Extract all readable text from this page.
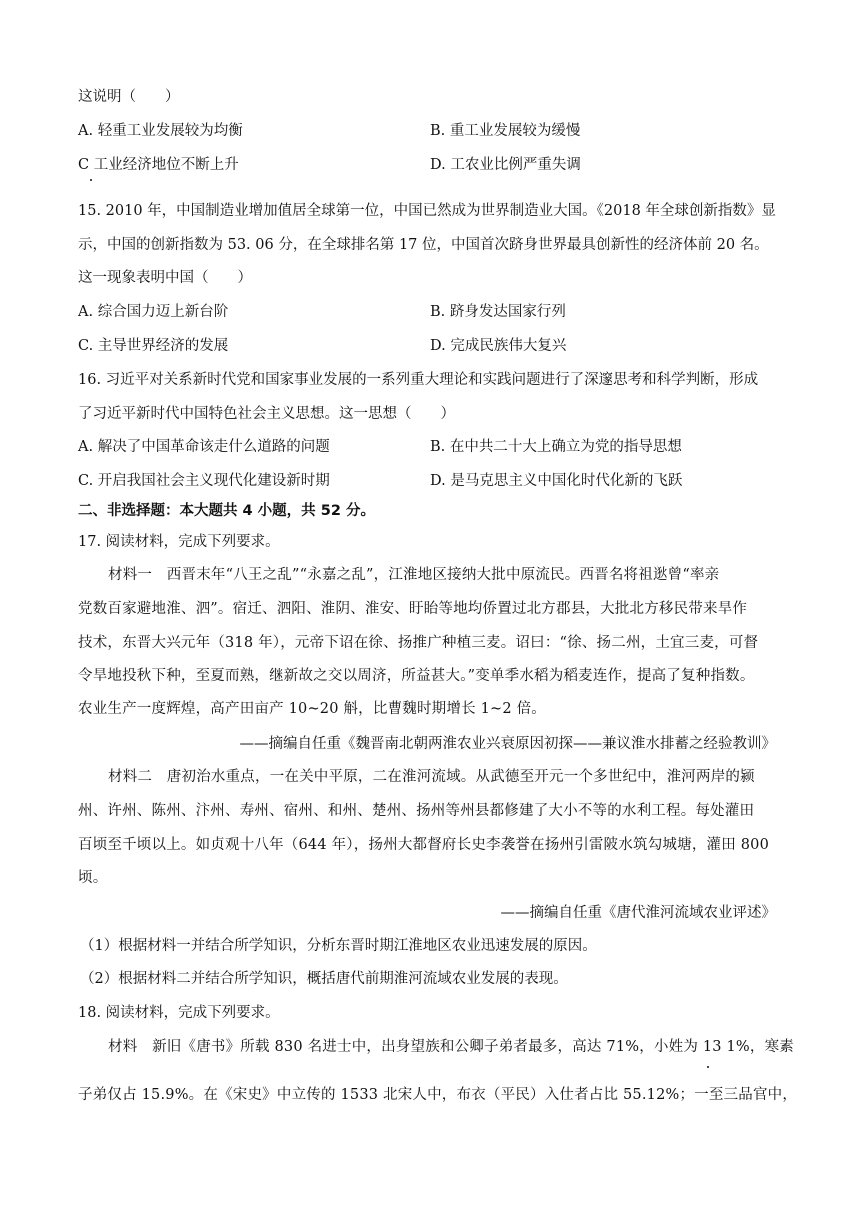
这说明（　　）
A. 轻重工业发展较为均衡	B. 重工业发展较为缓慢
C 工业经济地位不断上升	D. 工农业比例严重失调
15. 2010 年，中国制造业增加值居全球第一位，中国已然成为世界制造业大国。《2018 年全球创新指数》显
示，中国的创新指数为 53. 06 分，在全球排名第 17 位，中国首次跻身世界最具创新性的经济体前 20 名。
这一现象表明中国（　　）
A. 综合国力迈上新台阶	B. 跻身发达国家行列
C. 主导世界经济的发展	D. 完成民族伟大复兴
16. 习近平对关系新时代党和国家事业发展的一系列重大理论和实践问题进行了深邃思考和科学判断，形成
了习近平新时代中国特色社会主义思想。这一思想（　　）
A. 解决了中国革命该走什么道路的问题	B. 在中共二十大上确立为党的指导思想
C. 开启我国社会主义现代化建设新时期	D. 是马克思主义中国化时代化新的飞跃
二、非选择题：本大题共 4 小题，共 52 分。
17. 阅读材料，完成下列要求。
材料一　西晋末年“八王之乱”“永嘉之乱”，江淮地区接纳大批中原流民。西晋名将祖逖曾“率亲
党数百家避地淮、泗”。宿迁、泗阳、淮阴、淮安、盱眙等地均侨置过北方郡县，大批北方移民带来旱作
技术，东晋大兴元年（318 年），元帝下诏在徐、扬推广种植三麦。诏曰：“徐、扬二州，土宜三麦，可督
令旱地投秋下种，至夏而熟，继新故之交以周济，所益甚大。”变单季水稻为稻麦连作，提高了复种指数。
农业生产一度辉煌，高产田亩产 10~20 斛，比曹魏时期增长 1~2 倍。
——摘编自任重《魏晋南北朝两淮农业兴衰原因初探——兼议淮水排蓄之经验教训》
材料二　唐初治水重点，一在关中平原，二在淮河流域。从武德至开元一个多世纪中，淮河两岸的颍
州、许州、陈州、汴州、寿州、宿州、和州、楚州、扬州等州县都修建了大小不等的水利工程。每处灌田
百顷至千顷以上。如贞观十八年（644 年），扬州大都督府长史李袭誉在扬州引雷陂水筑勾城塘，灌田 800
顷。
——摘编自任重《唐代淮河流域农业评述》
（1）根据材料一并结合所学知识，分析东晋时期江淮地区农业迅速发展的原因。
（2）根据材料二并结合所学知识，概括唐代前期淮河流域农业发展的表现。
18. 阅读材料，完成下列要求。
材料　新旧《唐书》所载 830 名进士中，出身望族和公卿子弟者最多，高达 71%，小姓为 13 1%，寒素
子弟仅占 15.9%。在《宋史》中立传的 1533 北宋人中，布衣（平民）入仕者占比 55.12%；一至三品官中，
